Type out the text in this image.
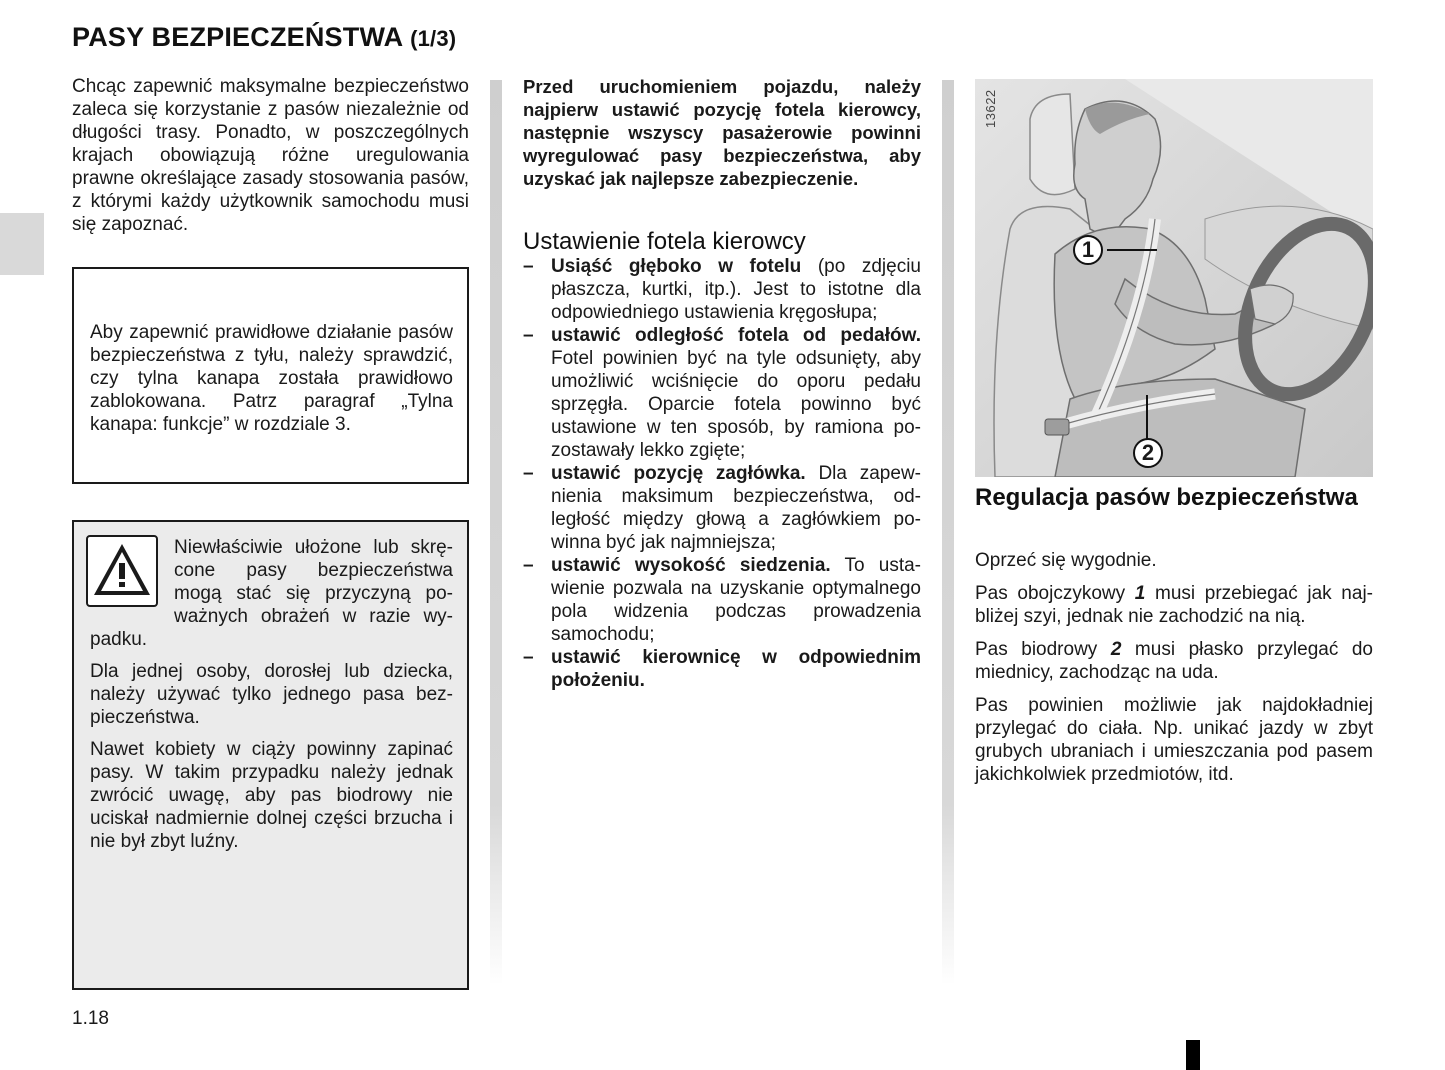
PASY BEZPIECZEŃSTWA (1/3)

Chcąc zapewnić maksymalne bezpieczeństwo zaleca się korzystanie z pasów niezależnie od długości trasy. Ponadto, w poszczególnych krajach obowiązują różne uregulowania prawne określające zasady stosowania pasów, z którymi każdy użytkownik samochodu musi się zapoznać.

Aby zapewnić prawidłowe działanie pasów bezpieczeństwa z tyłu, należy sprawdzić, czy tylna kanapa została prawidłowo zablokowana. Patrz paragraf „Tylna kanapa: funkcje” w rozdziale 3.

Niewłaściwie ułożone lub skręcone pasy bezpieczeństwa mogą stać się przyczyną poważnych obrażeń w razie wypadku.

Dla jednej osoby, dorosłej lub dziecka, należy używać tylko jednego pasa bezpieczeństwa.

Nawet kobiety w ciąży powinny zapinać pasy. W takim przypadku należy jednak zwrócić uwagę, aby pas biodrowy nie uciskał nadmiernie dolnej części brzucha i nie był zbyt luźny.

Przed uruchomieniem pojazdu, należy najpierw ustawić pozycję fotela kierowcy, następnie wszyscy pasażerowie powinni wyregulować pasy bezpieczeństwa, aby uzyskać jak najlepsze zabezpieczenie.

Ustawienie fotela kierowcy
– Usiąść głęboko w fotelu (po zdjęciu płaszcza, kurtki, itp.). Jest to istotne dla odpowiedniego ustawienia kręgosłupa;
– ustawić odległość fotela od pedałów. Fotel powinien być na tyle odsunięty, aby umożliwić wciśnięcie do oporu pedału sprzęgła. Oparcie fotela powinno być ustawione w ten sposób, by ramiona pozostawały lekko zgięte;
– ustawić pozycję zagłówka. Dla zapewnienia maksimum bezpieczeństwa, odległość między głową a zagłówkiem powinna być jak najmniejsza;
– ustawić wysokość siedzenia. To ustawienie pozwala na uzyskanie optymalnego pola widzenia podczas prowadzenia samochodu;
– ustawić kierownicę w odpowiednim położeniu.
1
2
13622
Regulacja pasów bezpieczeństwa

Oprzeć się wygodnie.

Pas obojczykowy 1 musi przebiegać jak najbliżej szyi, jednak nie zachodzić na nią.

Pas biodrowy 2 musi płasko przylegać do miednicy, zachodząc na uda.

Pas powinien możliwie jak najdokładniej przylegać do ciała. Np. unikać jazdy w zbyt grubych ubraniach i umieszczania pod pasem jakichkolwiek przedmiotów, itd.

1.18
